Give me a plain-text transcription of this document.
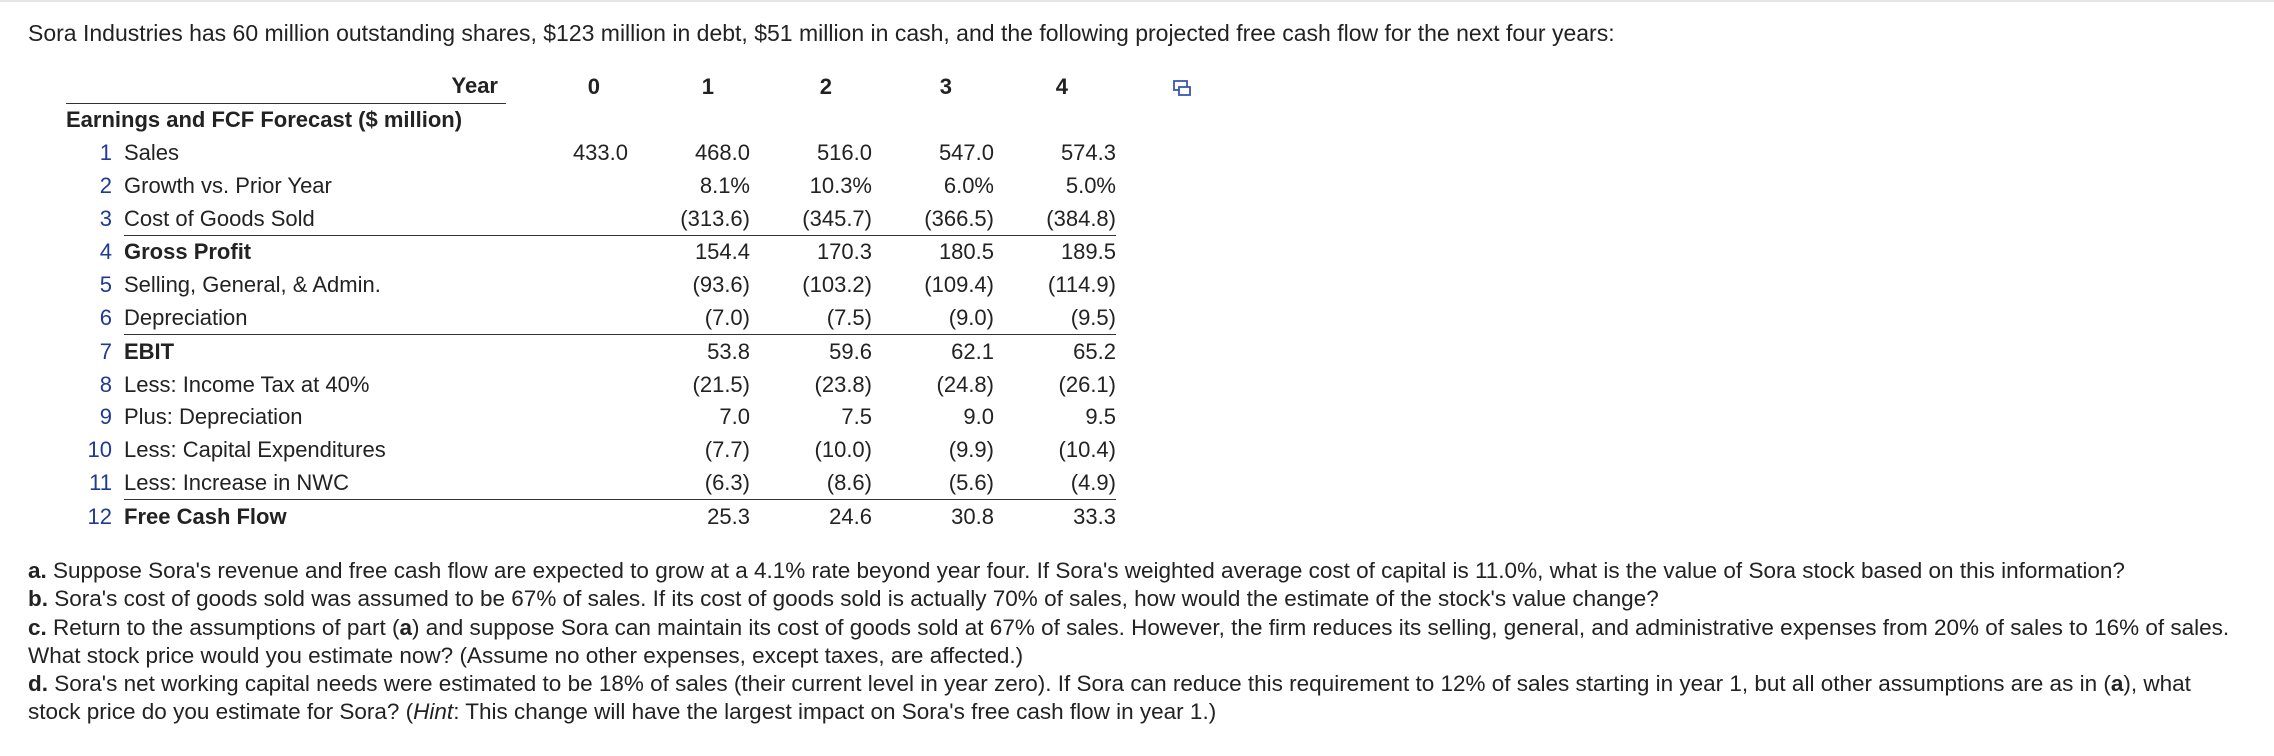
Sora Industries has 60 million outstanding shares, $123 million in debt, $51 million in cash, and the following projected free cash flow for the next four years:
	Year	0	1	2	3	4
Earnings and FCF Forecast ($ million)						
1	Sales	433.0	468.0	516.0	547.0	574.3
2	Growth vs. Prior Year		8.1%	10.3%	6.0%	5.0%
3	Cost of Goods Sold		(313.6)	(345.7)	(366.5)	(384.8)
4	Gross Profit		154.4	170.3	180.5	189.5
5	Selling, General, & Admin.		(93.6)	(103.2)	(109.4)	(114.9)
6	Depreciation		(7.0)	(7.5)	(9.0)	(9.5)
7	EBIT		53.8	59.6	62.1	65.2
8	Less: Income Tax at 40%		(21.5)	(23.8)	(24.8)	(26.1)
9	Plus: Depreciation		7.0	7.5	9.0	9.5
10	Less: Capital Expenditures		(7.7)	(10.0)	(9.9)	(10.4)
11	Less: Increase in NWC		(6.3)	(8.6)	(5.6)	(4.9)
12	Free Cash Flow		25.3	24.6	30.8	33.3

a. Suppose Sora's revenue and free cash flow are expected to grow at a 4.1% rate beyond year four. If Sora's weighted average cost of capital is 11.0%, what is the value of Sora stock based on this information?

b. Sora's cost of goods sold was assumed to be 67% of sales. If its cost of goods sold is actually 70% of sales, how would the estimate of the stock's value change?

c. Return to the assumptions of part (a) and suppose Sora can maintain its cost of goods sold at 67% of sales. However, the firm reduces its selling, general, and administrative expenses from 20% of sales to 16% of sales. What stock price would you estimate now? (Assume no other expenses, except taxes, are affected.)

d. Sora's net working capital needs were estimated to be 18% of sales (their current level in year zero). If Sora can reduce this requirement to 12% of sales starting in year 1, but all other assumptions are as in (a), what stock price do you estimate for Sora? (Hint: This change will have the largest impact on Sora's free cash flow in year 1.)
